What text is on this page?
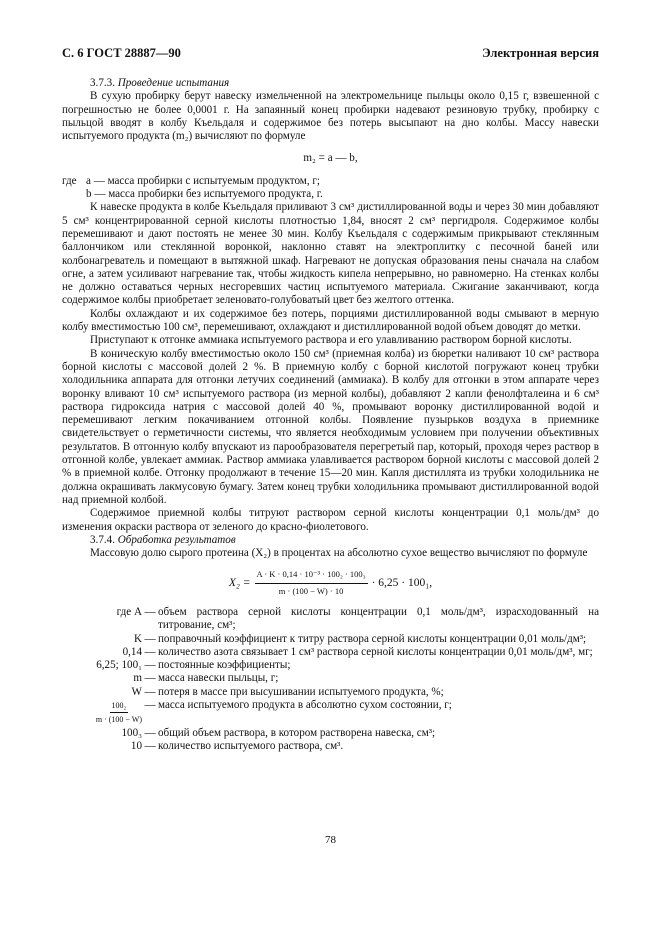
С. 6 ГОСТ 28887—90	Электронная версия

3.7.3. Проведение испытания

В сухую пробирку берут навеску измельченной на электромельнице пыльцы около 0,15 г, взвешенной с погрешностью не более 0,0001 г. На запаянный конец пробирки надевают резиновую трубку, пробирку с пыльцой вводят в колбу Къельдаля и содержимое без потерь высыпают на дно колбы. Массу навески испытуемого продукта (m₂) вычисляют по формуле

m₂ = a — b,

где a — масса пробирки с испытуемым продуктом, г;
b — масса пробирки без испытуемого продукта, г.

К навеске продукта в колбе Къельдаля приливают 3 см³ дистиллированной воды и через 30 мин добавляют 5 см³ концентрированной серной кислоты плотностью 1,84, вносят 2 см³ пергидроля. Содержимое колбы перемешивают и дают постоять не менее 30 мин. Колбу Къельдаля с содержимым прикрывают стеклянным баллончиком или стеклянной воронкой, наклонно ставят на электроплитку с песочной баней или колбонагреватель и помещают в вытяжной шкаф. Нагревают не допуская образования пены сначала на слабом огне, а затем усиливают нагревание так, чтобы жидкость кипела непрерывно, но равномерно. На стенках колбы не должно оставаться черных несгоревших частиц испытуемого материала. Сжигание заканчивают, когда содержимое колбы приобретает зеленовато-голубоватый цвет без желтого оттенка.

Колбы охлаждают и их содержимое без потерь, порциями дистиллированной воды смывают в мерную колбу вместимостью 100 см³, перемешивают, охлаждают и дистиллированной водой объем доводят до метки.

Приступают к отгонке аммиака испытуемого раствора и его улавливанию раствором борной кислоты.

В коническую колбу вместимостью около 150 см³ (приемная колба) из бюретки наливают 10 см³ раствора борной кислоты с массовой долей 2 %. В приемную колбу с борной кислотой погружают конец трубки холодильника аппарата для отгонки летучих соединений (аммиака). В колбу для отгонки в этом аппарате через воронку вливают 10 см³ испытуемого раствора (из мерной колбы), добавляют 2 капли фенолфталеина и 6 см³ раствора гидроксида натрия с массовой долей 40 %, промывают воронку дистиллированной водой и перемешивают легким покачиванием отгонной колбы. Появление пузырьков воздуха в приемнике свидетельствует о герметичности системы, что является необходимым условием при получении объективных результатов. В отгонную колбу впускают из парообразователя перегретый пар, который, проходя через раствор в отгонной колбе, увлекает аммиак. Раствор аммиака улавливается раствором борной кислоты с массовой долей 2 % в приемной колбе. Отгонку продолжают в течение 15—20 мин. Капля дистиллята из трубки холодильника не должна окрашивать лакмусовую бумагу. Затем конец трубки холодильника промывают дистиллированной водой над приемной колбой.

Содержимое приемной колбы титруют раствором серной кислоты концентрации 0,1 моль/дм³ до изменения окраски раствора от зеленого до красно-фиолетового.

3.7.4. Обработка результатов

Массовую долю сырого протеина (X₂) в процентах на абсолютно сухое вещество вычисляют по формуле

$X_2 = \frac{\text{A · K · 0,14 · 10⁻³ · 100₂ · 100₃}}{m \cdot (100 - W) \cdot 10} \cdot 6,25 \cdot 100_1$,
где A — объем раствора серной кислоты концентрации 0,1 моль/дм³, израсходованный на титрование, см³;
K — поправочный коэффициент к титру раствора серной кислоты концентрации 0,01 моль/дм³;
0,14 — количество азота связывает 1 см³ раствора серной кислоты концентрации 0,01 моль/дм³, мг;
6,25; 100₁ — постоянные коэффициенты;
m — масса навески пыльцы, г;
W — потеря в массе при высушивании испытуемого продукта, %;
$\frac{\text{100₂}}{m \cdot (100 - W)}$ — масса испытуемого продукта в абсолютно сухом состоянии, г;
100₃ — общий объем раствора, в котором растворена навеска, см³;
10 — количество испытуемого раствора, см³.
78
